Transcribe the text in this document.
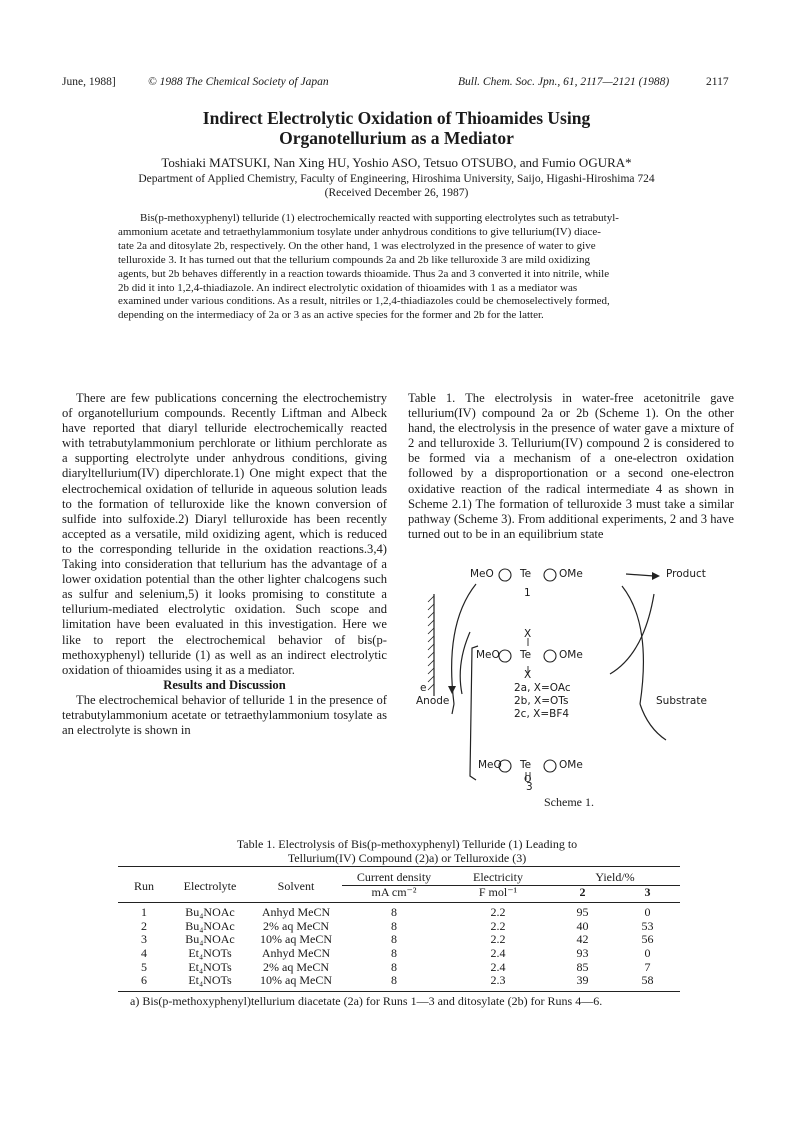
June, 1988]	© 1988 The Chemical Society of Japan	Bull. Chem. Soc. Jpn., 61, 2117—2121 (1988)	2117
Indirect Electrolytic Oxidation of Thioamides Using
Organotellurium as a Mediator
Toshiaki MATSUKI, Nan Xing HU, Yoshio ASO, Tetsuo OTSUBO, and Fumio OGURA*
Department of Applied Chemistry, Faculty of Engineering, Hiroshima University, Saijo, Higashi-Hiroshima 724
(Received December 26, 1987)
Bis(p-methoxyphenyl) telluride (1) electrochemically reacted with supporting electrolytes such as tetrabutyl-
ammonium acetate and tetraethylammonium tosylate under anhydrous conditions to give tellurium(IV) diace-
tate 2a and ditosylate 2b, respectively. On the other hand, 1 was electrolyzed in the presence of water to give
telluroxide 3. It has turned out that the tellurium compounds 2a and 2b like telluroxide 3 are mild oxidizing
agents, but 2b behaves differently in a reaction towards thioamide. Thus 2a and 3 converted it into nitrile, while
2b did it into 1,2,4-thiadiazole. An indirect electrolytic oxidation of thioamides with 1 as a mediator was
examined under various conditions. As a result, nitriles or 1,2,4-thiadiazoles could be chemoselectively formed,
depending on the intermediacy of 2a or 3 as an active species for the former and 2b for the latter.

There are few publications concerning the electrochemistry of organotellurium compounds. Recently Liftman and Albeck have reported that diaryl telluride electrochemically reacted with tetrabutylammonium perchlorate or lithium perchlorate as a supporting electrolyte under anhydrous conditions, giving diaryltellurium(IV) diperchlorate.1) One might expect that the electrochemical oxidation of telluride in aqueous solution leads to the formation of telluroxide like the known conversion of sulfide into sulfoxide.2) Diaryl telluroxide has been recently accepted as a versatile, mild oxidizing agent, which is reduced to the corresponding telluride in the oxidation reactions.3,4) Taking into consideration that tellurium has the advantage of a lower oxidation potential than the other lighter chalcogens such as sulfur and selenium,5) it looks promising to constitute a tellurium-mediated electrolytic oxidation. Such scope and limitation have been evaluated in this investigation. Here we like to report the electrochemical behavior of bis(p-methoxyphenyl) telluride (1) as well as an indirect electrolytic oxidation of thioamides using it as a mediator.

Results and Discussion

The electrochemical behavior of telluride 1 in the presence of tetrabutylammonium acetate or tetraethylammonium tosylate as an electrolyte is shown in

Table 1. The electrolysis in water-free acetonitrile gave tellurium(IV) compound 2a or 2b (Scheme 1). On the other hand, the electrolysis in the presence of water gave a mixture of 2 and telluroxide 3. Tellurium(IV) compound 2 is considered to be formed via a mechanism of a one-electron oxidation followed by a disproportionation or a second one-electron oxidative reaction of the radical intermediate 4 as shown in Scheme 2.1) The formation of telluroxide 3 must take a similar pathway (Scheme 3). From additional experiments, 2 and 3 have turned out to be in an equilibrium state

MeO Te	OMe
1
Product
X
MeO Te	OMe
X
2a, X=OAc
2b, X=OTs
2c, X=BF4
e
Anode	Substrate
MeO Te	OMe
O
3
Scheme 1.
Table 1. Electrolysis of Bis(p-methoxyphenyl) Telluride (1) Leading to
Tellurium(IV) Compound (2)a) or Telluroxide (3)
Run	Electrolyte	Solvent	Current density	Electricity	Yield/%	
			mA cm⁻²	F mol⁻¹	2	3
1	Bu₄NOAc	Anhyd MeCN	8	2.2	95	0
2	Bu₄NOAc	2% aq MeCN	8	2.2	40	53
3	Bu₄NOAc	10% aq MeCN	8	2.2	42	56
4	Et₄NOTs	Anhyd MeCN	8	2.4	93	0
5	Et₄NOTs	2% aq MeCN	8	2.4	85	7
6	Et₄NOTs	10% aq MeCN	8	2.3	39	58
a) Bis(p-methoxyphenyl)tellurium diacetate (2a) for Runs 1—3 and ditosylate (2b) for Runs 4—6.
